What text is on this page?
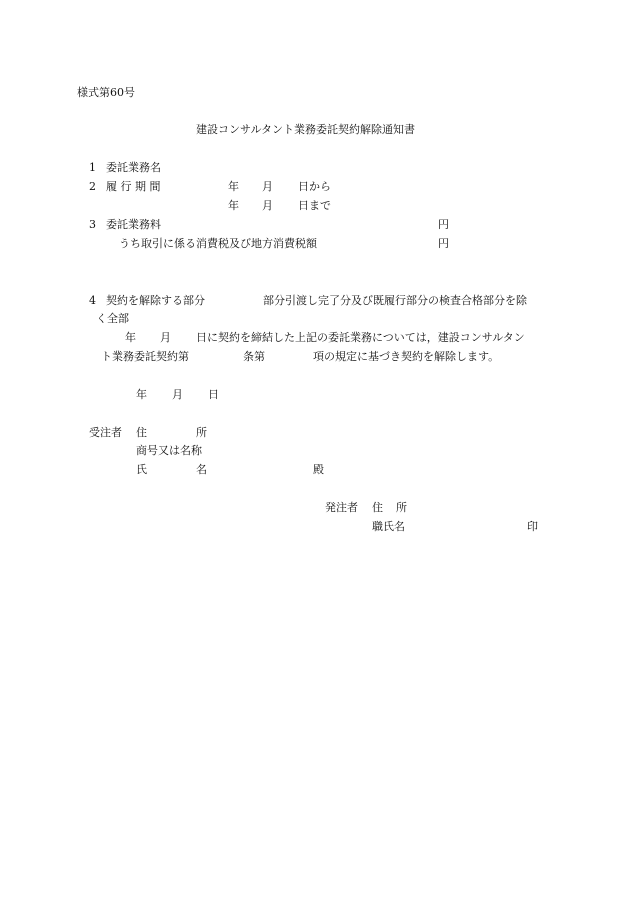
様式第60号
建設コンサルタント業務委託契約解除通知書
1 委託業務名
2 履 行 期 間	年 月 日から
年 月 日まで
3 委託業務料	円
うち取引に係る消費税及び地方消費税額	円
4 契約を解除する部分	部分引渡し完了分及び既履行部分の検査合格部分を除
く全部
年 月 日に契約を締結した上記の委託業務については，建設コンサルタン
ト業務委託契約第	条第	項の規定に基づき契約を解除します。
年 月 日
受注者 住	所
商号又は名称
氏	名	殿
発注者 住 所
職氏名	印
